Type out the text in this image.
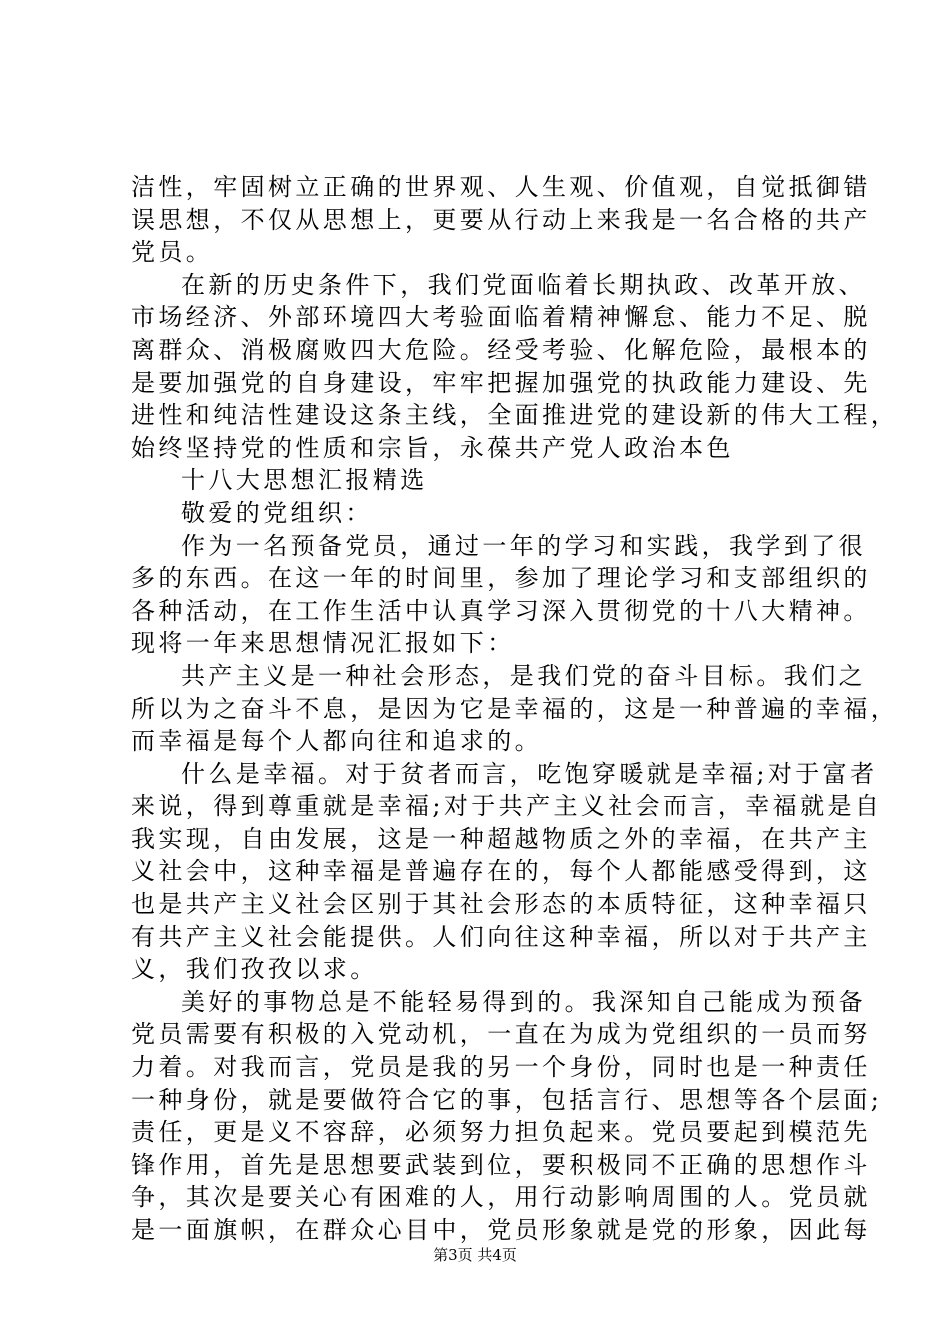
洁性，牢固树立正确的世界观、人生观、价值观，自觉抵御错
误思想，不仅从思想上，更要从行动上来我是一名合格的共产
党员。
在新的历史条件下，我们党面临着长期执政、改革开放、
市场经济、外部环境四大考验面临着精神懈怠、能力不足、脱
离群众、消极腐败四大危险。经受考验、化解危险，最根本的
是要加强党的自身建设，牢牢把握加强党的执政能力建设、先
进性和纯洁性建设这条主线，全面推进党的建设新的伟大工程，
始终坚持党的性质和宗旨，永葆共产党人政治本色
十八大思想汇报精选
敬爱的党组织：
作为一名预备党员，通过一年的学习和实践，我学到了很
多的东西。在这一年的时间里，参加了理论学习和支部组织的
各种活动，在工作生活中认真学习深入贯彻党的十八大精神。
现将一年来思想情况汇报如下：
共产主义是一种社会形态，是我们党的奋斗目标。我们之
所以为之奋斗不息，是因为它是幸福的，这是一种普遍的幸福，
而幸福是每个人都向往和追求的。
什么是幸福。对于贫者而言，吃饱穿暖就是幸福;对于富者
来说，得到尊重就是幸福;对于共产主义社会而言，幸福就是自
我实现，自由发展，这是一种超越物质之外的幸福，在共产主
义社会中，这种幸福是普遍存在的，每个人都能感受得到，这
也是共产主义社会区别于其社会形态的本质特征，这种幸福只
有共产主义社会能提供。人们向往这种幸福，所以对于共产主
义，我们孜孜以求。
美好的事物总是不能轻易得到的。我深知自己能成为预备
党员需要有积极的入党动机，一直在为成为党组织的一员而努
力着。对我而言，党员是我的另一个身份，同时也是一种责任
一种身份，就是要做符合它的事，包括言行、思想等各个层面;
责任，更是义不容辞，必须努力担负起来。党员要起到模范先
锋作用，首先是思想要武装到位，要积极同不正确的思想作斗
争，其次是要关心有困难的人，用行动影响周围的人。党员就
是一面旗帜，在群众心目中，党员形象就是党的形象，因此每
第3页 共4页
